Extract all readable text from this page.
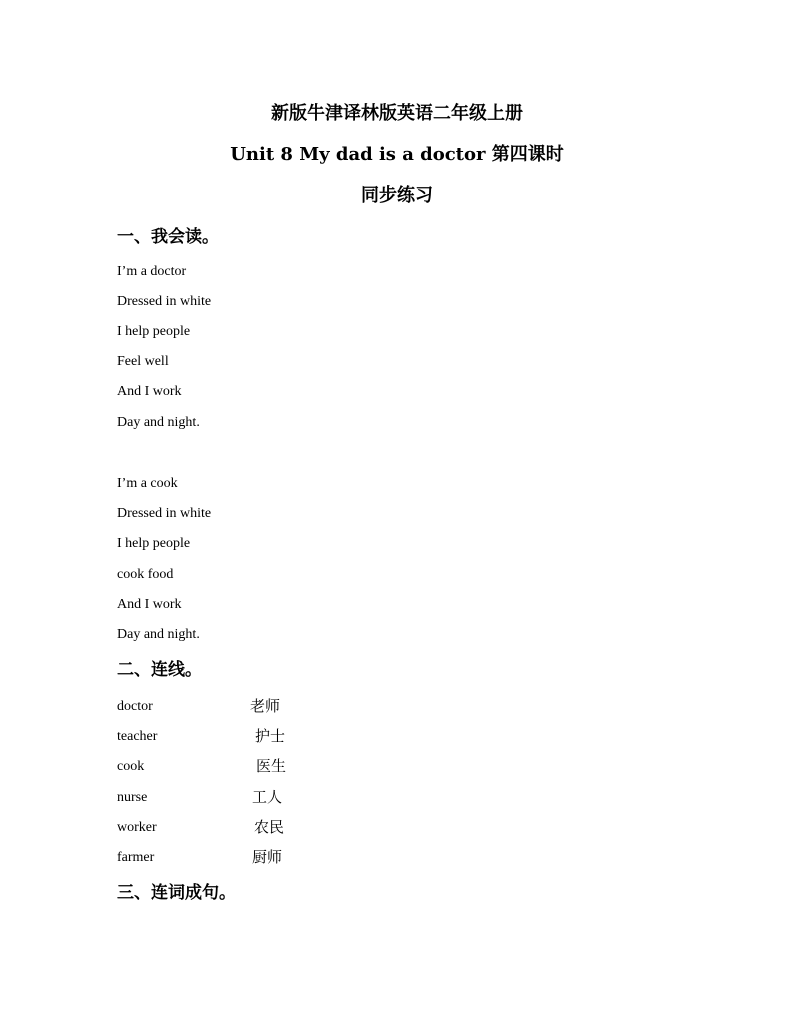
新版牛津译林版英语二年级上册
Unit 8 My dad is a doctor 第四课时
同步练习
一、我会读。
I’m a doctor
Dressed in white
I help people
Feel well
And I work
Day and night.
I’m a cook
Dressed in white
I help people
cook food
And I work
Day and night.
二、连线。
doctor
teacher
cook
nurse
worker
farmer
老师
护士
医生
工人
农民
厨师
三、连词成句。
